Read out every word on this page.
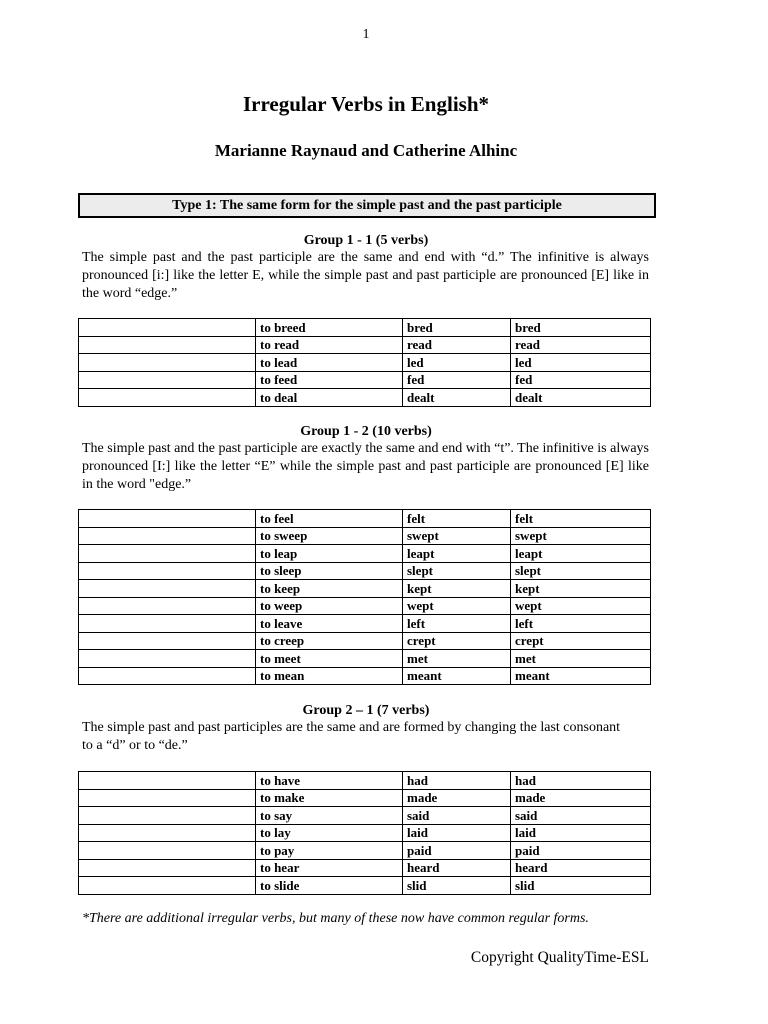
1
Irregular Verbs in English*
Marianne Raynaud and Catherine Alhinc
Type 1: The same form for the simple past and the past participle
Group 1 - 1 (5 verbs)
The simple past and the past participle are the same and end with “d.” The infinitive is always pronounced [i:] like the letter E, while the simple past and past participle are pronounced [E] like in the word “edge.”
	to breed	bred	bred
	to read	read	read
	to lead	led	led
	to feed	fed	fed
	to deal	dealt	dealt
Group 1 - 2 (10 verbs)
The simple past and the past participle are exactly the same and end with “t”. The infinitive is always pronounced [I:] like the letter “E” while the simple past and past participle are pronounced [E] like in the word "edge.”
	to feel	felt	felt
	to sweep	swept	swept
	to leap	leapt	leapt
	to sleep	slept	slept
	to keep	kept	kept
	to weep	wept	wept
	to leave	left	left
	to creep	crept	crept
	to meet	met	met
	to mean	meant	meant
Group 2 – 1 (7 verbs)
The simple past and past participles are the same and are formed by changing the last consonant to a “d” or to “de.”
	to have	had	had
	to make	made	made
	to say	said	said
	to lay	laid	laid
	to pay	paid	paid
	to hear	heard	heard
	to slide	slid	slid
*There are additional irregular verbs, but many of these now have common regular forms.
Copyright QualityTime-ESL
